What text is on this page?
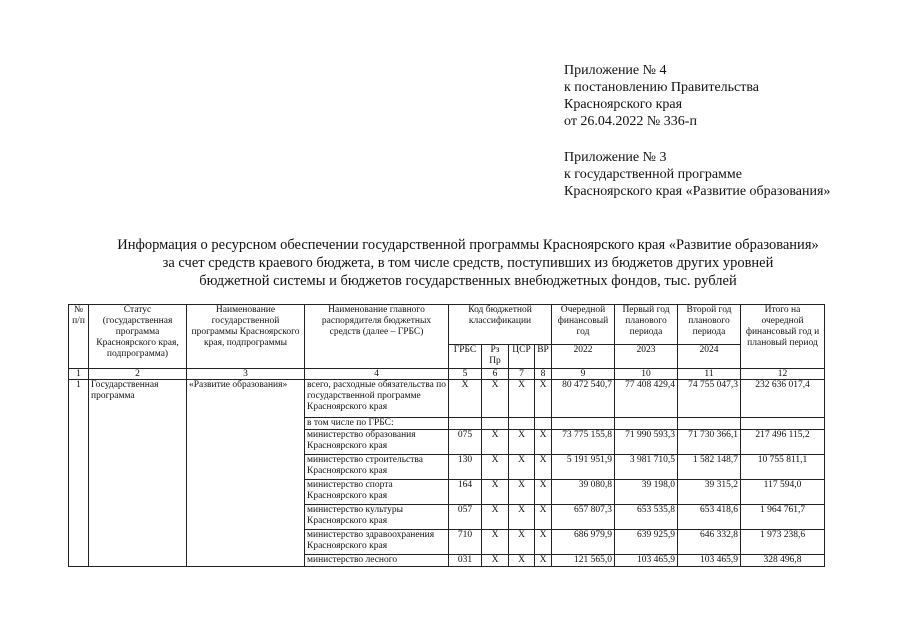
Приложение № 4
к постановлению Правительства
Красноярского края
от 26.04.2022 № 336-п
Приложение № 3
к государственной программе
Красноярского края «Развитие образования»
Информация о ресурсном обеспечении государственной программы Красноярского края «Развитие образования»
за счет средств краевого бюджета, в том числе средств, поступивших из бюджетов других уровней
бюджетной системы и бюджетов государственных внебюджетных фондов, тыс. рублей
№ п/п	Статус (государственная программа Красноярского края, подпрограмма)	Наименование государственной программы Красноярского края, подпрограммы	Наименование главного распорядителя бюджетных средств (далее – ГРБС)	Код бюджетной классификации				Очередной финансовый год	Первый год планового периода	Второй год планового периода	Итого на очередной финансовый год и плановый период
				ГРБС	Рз Пр	ЦСР	ВР	2022	2023	2024	
1	2	3	4	5	6	7	8	9	10	11	12
1	Государственная программа	«Развитие образования»	всего, расходные обязательства по государственной программе Красноярского края	Х	Х	Х	Х	80 472 540,7	77 408 429,4	74 755 047,3	232 636 017,4
			в том числе по ГРБС:								
			министерство образования Красноярского края	075	Х	Х	Х	73 775 155,8	71 990 593,3	71 730 366,1	217 496 115,2
			министерство строительства Красноярского края	130	Х	Х	Х	5 191 951,9	3 981 710,5	1 582 148,7	10 755 811,1
			министерство спорта Красноярского края	164	Х	Х	Х	39 080,8	39 198,0	39 315,2	117 594,0
			министерство культуры Красноярского края	057	Х	Х	Х	657 807,3	653 535,8	653 418,6	1 964 761,7
			министерство здравоохранения Красноярского края	710	Х	Х	Х	686 979,9	639 925,9	646 332,8	1 973 238,6
			министерство лесного	031	Х	Х	Х	121 565,0	103 465,9	103 465,9	328 496,8
